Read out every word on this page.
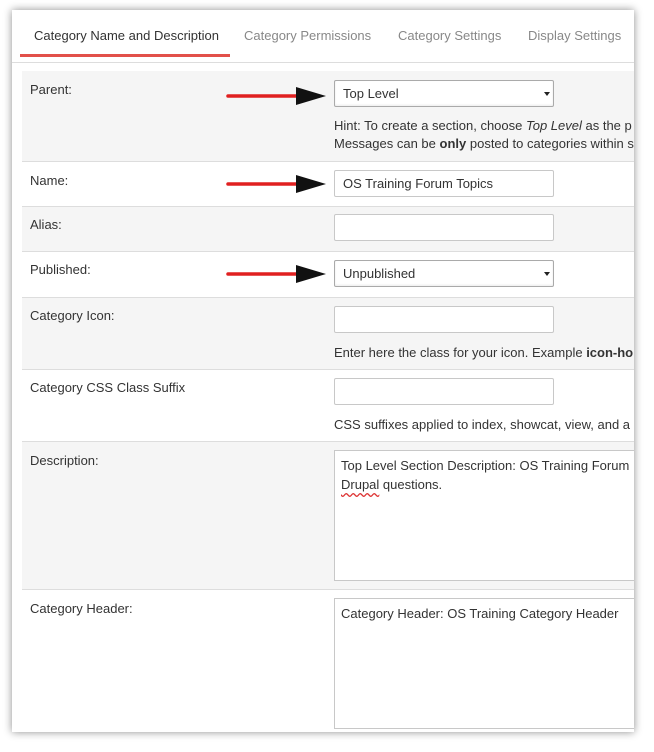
Category Name and Description Category Permissions Category Settings Display Settings
Parent:	Top Level
Hint: To create a section, choose Top Level as the p
Messages can be only posted to categories within s
Name:	OS Training Forum Topics
Alias:
Published:	Unpublished
Category Icon:
Enter here the class for your icon. Example icon-ho
Category CSS Class Suffix
CSS suffixes applied to index, showcat, view, and a
Description:	Top Level Section Description: OS Training Forum
Drupal questions.
Category Header:	Category Header: OS Training Category Header
